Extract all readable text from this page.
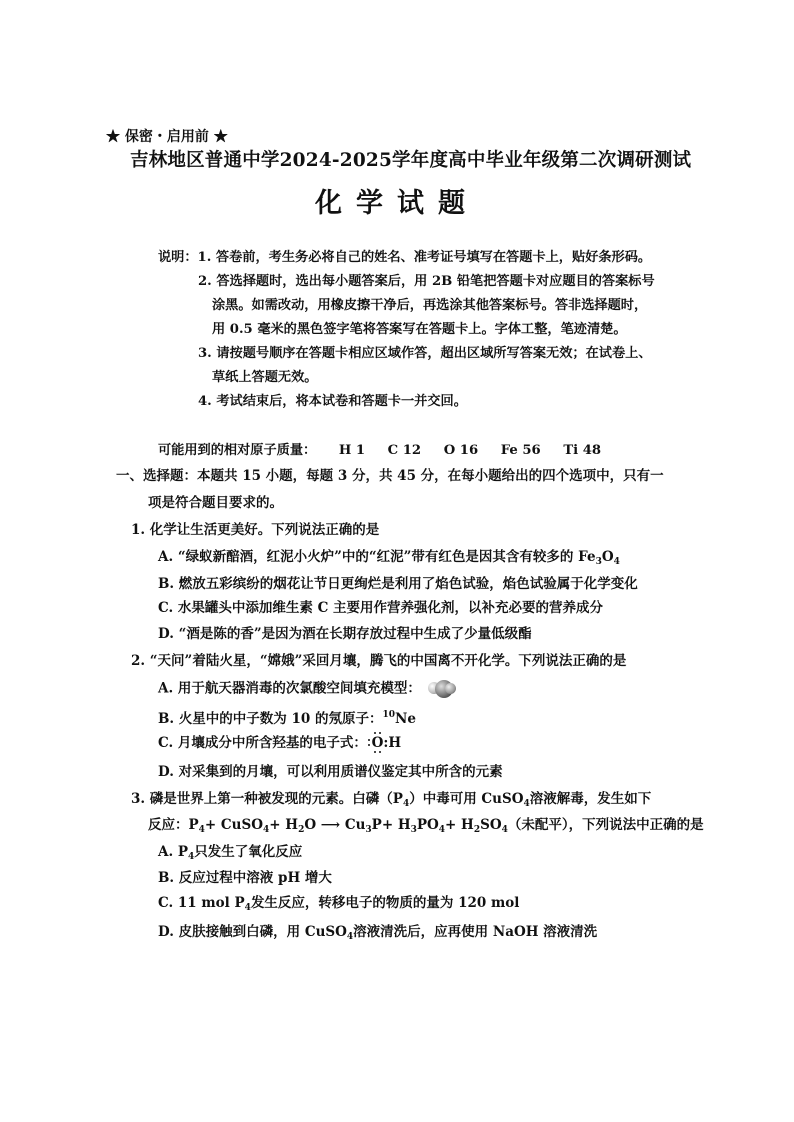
★ 保密・启用前 ★
吉林地区普通中学2024-2025学年度高中毕业年级第二次调研测试
化学试题
说明：1. 答卷前，考生务必将自己的姓名、准考证号填写在答题卡上，贴好条形码。
2. 答选择题时，选出每小题答案后，用 2B 铅笔把答题卡对应题目的答案标号
涂黑。如需改动，用橡皮擦干净后，再选涂其他答案标号。答非选择题时，
用 0.5 毫米的黑色签字笔将答案写在答题卡上。字体工整，笔迹清楚。
3. 请按题号顺序在答题卡相应区域作答，超出区域所写答案无效；在试卷上、
草纸上答题无效。
4. 考试结束后，将本试卷和答题卡一并交回。
可能用到的相对原子质量： H 1 C 12 O 16 Fe 56 Ti 48
一、选择题：本题共 15 小题，每题 3 分，共 45 分，在每小题给出的四个选项中，只有一
项是符合题目要求的。
1. 化学让生活更美好。下列说法正确的是
A. “绿蚁新醅酒，红泥小火炉”中的“红泥”带有红色是因其含有较多的 $Fe_3O_4$
B. 燃放五彩缤纷的烟花让节日更绚烂是利用了焰色试验，焰色试验属于化学变化
C. 水果罐头中添加维生素 C 主要用作营养强化剂，以补充必要的营养成分
D. “酒是陈的香”是因为酒在长期存放过程中生成了少量低级酯
2. “天问”着陆火星，“嫦娥”采回月壤，腾飞的中国离不开化学。下列说法正确的是
A. 用于航天器消毒的次氯酸空间填充模型：
B. 火星中的中子数为 10 的氖原子：$^{10}$Ne
C. 月壤成分中所含羟基的电子式： O:H
D. 对采集到的月壤，可以利用质谱仪鉴定其中所含的元素
3. 磷是世界上第一种被发现的元素。白磷$(P_4)$中毒可用 CuSO$_4$溶液解毒，发生如下
反应：$P_4+$ CuSO$_4$+ $H_2O$ ⟶ $Cu_3P+ H_3PO_4+ H_2SO_4$（未配平），下列说法中正确的是
A. $P_4$只发生了氧化反应
B. 反应过程中溶液 pH 增大
C. 11 mol $P_4$发生反应，转移电子的物质的量为 120 mol
D. 皮肤接触到白磷，用 CuSO$_4$溶液清洗后，应再使用 NaOH 溶液清洗
